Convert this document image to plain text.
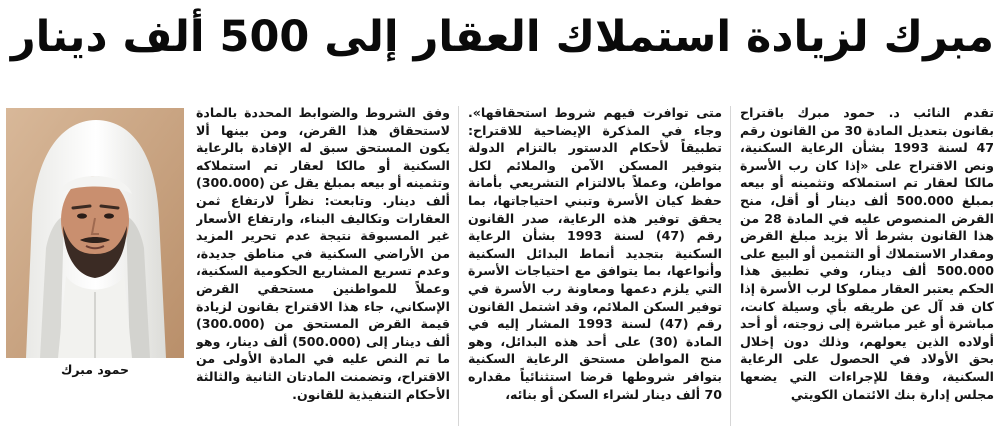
مبرك لزيادة استملاك العقار إلى 500 ألف دينار

تقدم النائب د. حمود مبرك باقتراح بقانون بتعديل المادة 30 من القانون رقم 47 لسنة 1993 بشأن الرعاية السكنية، ونص الاقتراح على «إذا كان رب الأسرة مالكا لعقار تم استملاكه وتثمينه أو بيعه بمبلغ 500.000 ألف دينار أو أقل، منح القرض المنصوص عليه في المادة 28 من هذا القانون بشرط ألا يزيد مبلغ القرض ومقدار الاستملاك أو التثمين أو البيع على 500.000 ألف دينار، وفي تطبيق هذا الحكم يعتبر العقار مملوكا لرب الأسرة إذا كان قد آل عن طريقه بأي وسيلة كانت، مباشرة أو غير مباشرة إلى زوجته، أو أحد أولاده الذين يعولهم، وذلك دون إخلال بحق الأولاد في الحصول على الرعاية السكنية، وفقا للإجراءات التي يضعها مجلس إدارة بنك الائتمان الكويتي

متى توافرت فيهم شروط استحقاقها». وجاء في المذكرة الإيضاحية للاقتراح: تطبيقاً لأحكام الدستور بالتزام الدولة بتوفير المسكن الآمن والملائم لكل مواطن، وعملاً بالالتزام التشريعي بأمانة حفظ كيان الأسرة وتبني احتياجاتها، بما يحقق توفير هذه الرعاية، صدر القانون رقم (47) لسنة 1993 بشأن الرعاية السكنية بتجديد أنماط البدائل السكنية وأنواعها، بما يتوافق مع احتياجات الأسرة التي يلزم دعمها ومعاونة رب الأسرة في توفير السكن الملائم، وقد اشتمل القانون رقم (47) لسنة 1993 المشار إليه في المادة (30) على أحد هذه البدائل، وهو منح المواطن مستحق الرعاية السكنية بتوافر شروطها قرضا استثنائياً مقداره 70 ألف دينار لشراء السكن أو بنائه،

وفق الشروط والضوابط المحددة بالمادة لاستحقاق هذا القرض، ومن بينها ألا يكون المستحق سبق له الإفادة بالرعاية السكنية أو مالكا لعقار تم استملاكه وتثمينه أو بيعه بمبلغ يقل عن (300.000) ألف دينار. وتابعت: نظراً لارتفاع ثمن العقارات وتكاليف البناء، وارتفاع الأسعار غير المسبوقة نتيجة عدم تحرير المزيد من الأراضي السكنية في مناطق جديدة، وعدم تسريع المشاريع الحكومية السكنية، وعملاً للمواطنين مستحقي القرض الإسكاني، جاء هذا الاقتراح بقانون لزيادة قيمة القرض المستحق من (300.000) ألف دينار إلى (500.000) ألف دينار، وهو ما تم النص عليه في المادة الأولى من الاقتراح، وتضمنت المادتان الثانية والثالثة الأحكام التنفيذية للقانون.

حمود مبرك
